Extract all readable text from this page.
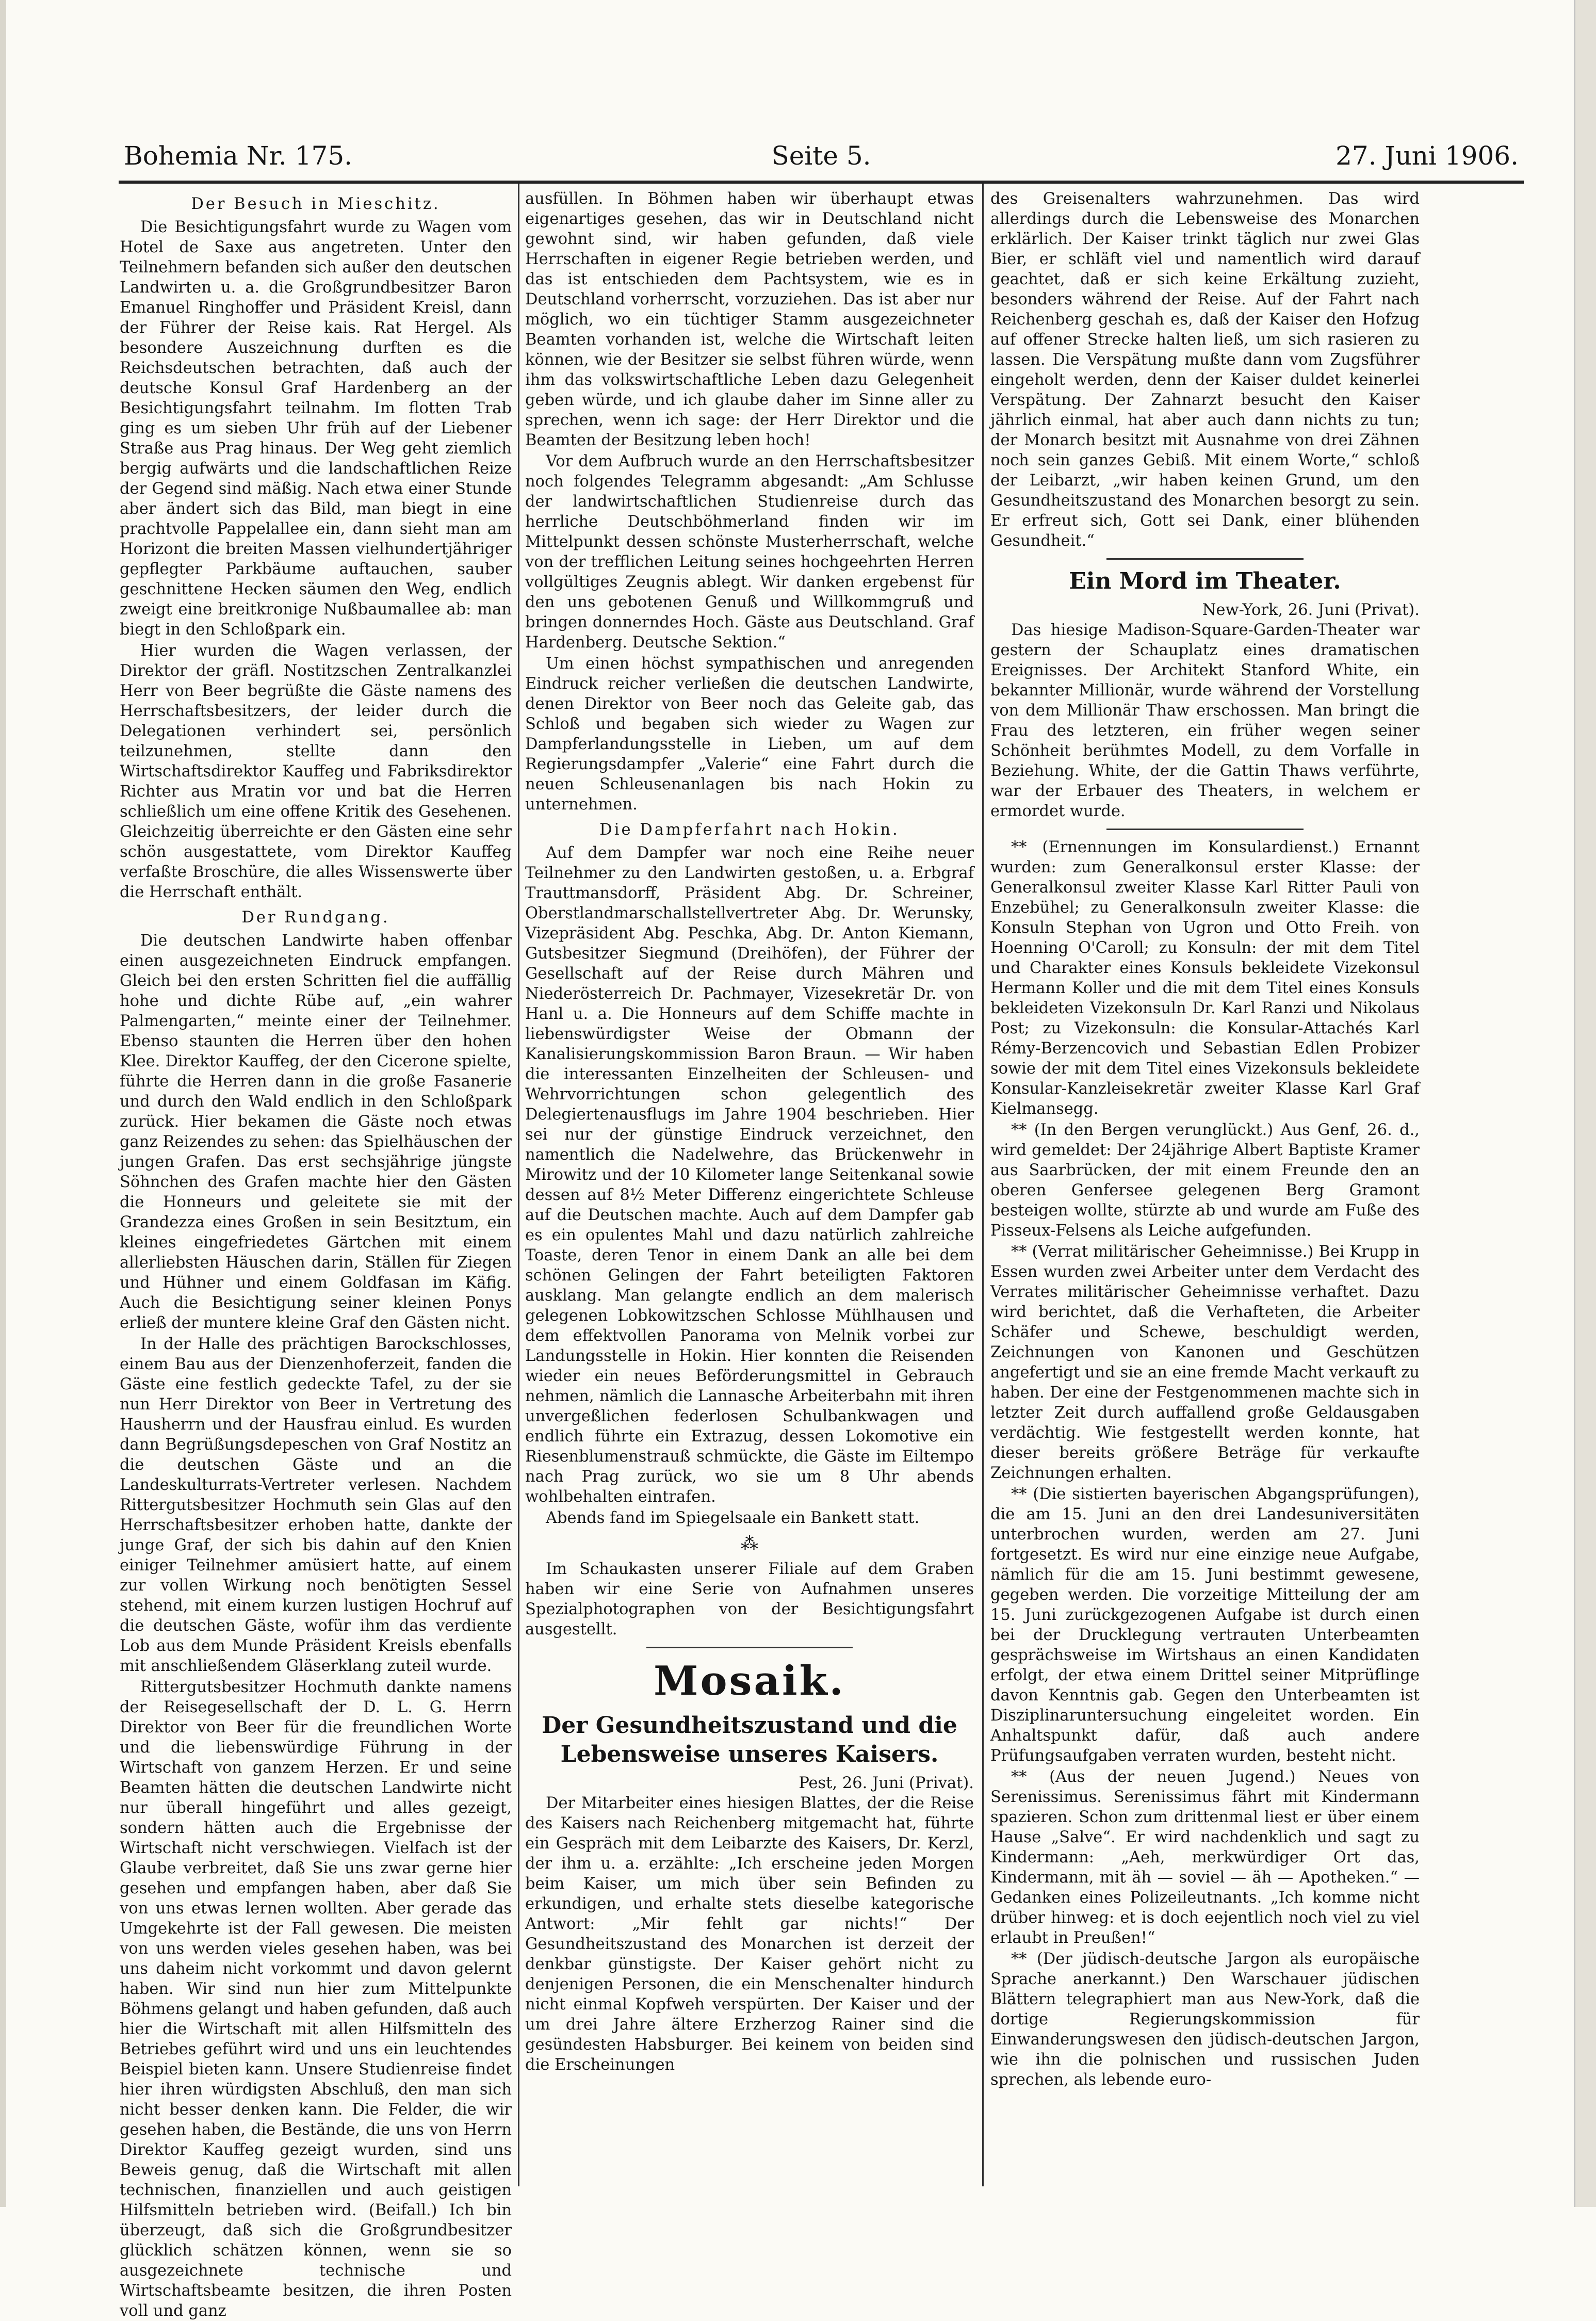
Bohemia Nr. 175.	Seite 5.	27. Juni 1906.

Der Besuch in Mieschitz.

Die Besichtigungsfahrt wurde zu Wagen vom Hotel de Saxe aus angetreten. Unter den Teilnehmern befanden sich außer den deutschen Landwirten u. a. die Großgrundbesitzer Baron Emanuel Ringhoffer und Präsident Kreisl, dann der Führer der Reise kais. Rat Hergel. Als besondere Auszeichnung durften es die Reichsdeutschen betrachten, daß auch der deutsche Konsul Graf Hardenberg an der Besichtigungsfahrt teilnahm. Im flotten Trab ging es um sieben Uhr früh auf der Liebener Straße aus Prag hinaus. Der Weg geht ziemlich bergig aufwärts und die landschaftlichen Reize der Gegend sind mäßig. Nach etwa einer Stunde aber ändert sich das Bild, man biegt in eine prachtvolle Pappelallee ein, dann sieht man am Horizont die breiten Massen vielhundertjähriger gepflegter Parkbäume auftauchen, sauber geschnittene Hecken säumen den Weg, endlich zweigt eine breitkronige Nußbaumallee ab: man biegt in den Schloßpark ein.

Hier wurden die Wagen verlassen, der Direktor der gräfl. Nostitzschen Zentralkanzlei Herr von Beer begrüßte die Gäste namens des Herrschaftsbesitzers, der leider durch die Delegationen verhindert sei, persönlich teilzunehmen, stellte dann den Wirtschaftsdirektor Kauffeg und Fabriksdirektor Richter aus Mratin vor und bat die Herren schließlich um eine offene Kritik des Gesehenen. Gleichzeitig überreichte er den Gästen eine sehr schön ausgestattete, vom Direktor Kauffeg verfaßte Broschüre, die alles Wissenswerte über die Herrschaft enthält.

Der Rundgang.

Die deutschen Landwirte haben offenbar einen ausgezeichneten Eindruck empfangen. Gleich bei den ersten Schritten fiel die auffällig hohe und dichte Rübe auf, „ein wahrer Palmengarten,“ meinte einer der Teilnehmer. Ebenso staunten die Herren über den hohen Klee. Direktor Kauffeg, der den Cicerone spielte, führte die Herren dann in die große Fasanerie und durch den Wald endlich in den Schloßpark zurück. Hier bekamen die Gäste noch etwas ganz Reizendes zu sehen: das Spielhäuschen der jungen Grafen. Das erst sechsjährige jüngste Söhnchen des Grafen machte hier den Gästen die Honneurs und geleitete sie mit der Grandezza eines Großen in sein Besitztum, ein kleines eingefriedetes Gärtchen mit einem allerliebsten Häuschen darin, Ställen für Ziegen und Hühner und einem Goldfasan im Käfig. Auch die Besichtigung seiner kleinen Ponys erließ der muntere kleine Graf den Gästen nicht.

In der Halle des prächtigen Barockschlosses, einem Bau aus der Dienzenhoferzeit, fanden die Gäste eine festlich gedeckte Tafel, zu der sie nun Herr Direktor von Beer in Vertretung des Hausherrn und der Hausfrau einlud. Es wurden dann Begrüßungsdepeschen von Graf Nostitz an die deutschen Gäste und an die Landeskulturrats-Vertreter verlesen. Nachdem Rittergutsbesitzer Hochmuth sein Glas auf den Herrschaftsbesitzer erhoben hatte, dankte der junge Graf, der sich bis dahin auf den Knien einiger Teilnehmer amüsiert hatte, auf einem zur vollen Wirkung noch benötigten Sessel stehend, mit einem kurzen lustigen Hochruf auf die deutschen Gäste, wofür ihm das verdiente Lob aus dem Munde Präsident Kreisls ebenfalls mit anschließendem Gläserklang zuteil wurde.

Rittergutsbesitzer Hochmuth dankte namens der Reisegesellschaft der D. L. G. Herrn Direktor von Beer für die freundlichen Worte und die liebenswürdige Führung in der Wirtschaft von ganzem Herzen. Er und seine Beamten hätten die deutschen Landwirte nicht nur überall hingeführt und alles gezeigt, sondern hätten auch die Ergebnisse der Wirtschaft nicht verschwiegen. Vielfach ist der Glaube verbreitet, daß Sie uns zwar gerne hier gesehen und empfangen haben, aber daß Sie von uns etwas lernen wollten. Aber gerade das Umgekehrte ist der Fall gewesen. Die meisten von uns werden vieles gesehen haben, was bei uns daheim nicht vorkommt und davon gelernt haben. Wir sind nun hier zum Mittelpunkte Böhmens gelangt und haben gefunden, daß auch hier die Wirtschaft mit allen Hilfsmitteln des Betriebes geführt wird und uns ein leuchtendes Beispiel bieten kann. Unsere Studienreise findet hier ihren würdigsten Abschluß, den man sich nicht besser denken kann. Die Felder, die wir gesehen haben, die Bestände, die uns von Herrn Direktor Kauffeg gezeigt wurden, sind uns Beweis genug, daß die Wirtschaft mit allen technischen, finanziellen und auch geistigen Hilfsmitteln betrieben wird. (Beifall.) Ich bin überzeugt, daß sich die Großgrundbesitzer glücklich schätzen können, wenn sie so ausgezeichnete technische und Wirtschaftsbeamte besitzen, die ihren Posten voll und ganz

ausfüllen. In Böhmen haben wir überhaupt etwas eigenartiges gesehen, das wir in Deutschland nicht gewohnt sind, wir haben gefunden, daß viele Herrschaften in eigener Regie betrieben werden, und das ist entschieden dem Pachtsystem, wie es in Deutschland vorherrscht, vorzuziehen. Das ist aber nur möglich, wo ein tüchtiger Stamm ausgezeichneter Beamten vorhanden ist, welche die Wirtschaft leiten können, wie der Besitzer sie selbst führen würde, wenn ihm das volkswirtschaftliche Leben dazu Gelegenheit geben würde, und ich glaube daher im Sinne aller zu sprechen, wenn ich sage: der Herr Direktor und die Beamten der Besitzung leben hoch!

Vor dem Aufbruch wurde an den Herrschaftsbesitzer noch folgendes Telegramm abgesandt: „Am Schlusse der landwirtschaftlichen Studienreise durch das herrliche Deutschböhmerland finden wir im Mittelpunkt dessen schönste Musterherrschaft, welche von der trefflichen Leitung seines hochgeehrten Herren vollgültiges Zeugnis ablegt. Wir danken ergebenst für den uns gebotenen Genuß und Willkommgruß und bringen donnerndes Hoch. Gäste aus Deutschland. Graf Hardenberg. Deutsche Sektion.“

Um einen höchst sympathischen und anregenden Eindruck reicher verließen die deutschen Landwirte, denen Direktor von Beer noch das Geleite gab, das Schloß und begaben sich wieder zu Wagen zur Dampferlandungsstelle in Lieben, um auf dem Regierungsdampfer „Valerie“ eine Fahrt durch die neuen Schleusenanlagen bis nach Hokin zu unternehmen.

Die Dampferfahrt nach Hokin.

Auf dem Dampfer war noch eine Reihe neuer Teilnehmer zu den Landwirten gestoßen, u. a. Erbgraf Trauttmansdorff, Präsident Abg. Dr. Schreiner, Oberstlandmarschallstellvertreter Abg. Dr. Werunsky, Vizepräsident Abg. Peschka, Abg. Dr. Anton Kiemann, Gutsbesitzer Siegmund (Dreihöfen), der Führer der Gesellschaft auf der Reise durch Mähren und Niederösterreich Dr. Pachmayer, Vizesekretär Dr. von Hanl u. a. Die Honneurs auf dem Schiffe machte in liebenswürdigster Weise der Obmann der Kanalisierungskommission Baron Braun. — Wir haben die interessanten Einzelheiten der Schleusen- und Wehrvorrichtungen schon gelegentlich des Delegiertenausflugs im Jahre 1904 beschrieben. Hier sei nur der günstige Eindruck verzeichnet, den namentlich die Nadelwehre, das Brückenwehr in Mirowitz und der 10 Kilometer lange Seitenkanal sowie dessen auf 8½ Meter Differenz eingerichtete Schleuse auf die Deutschen machte. Auch auf dem Dampfer gab es ein opulentes Mahl und dazu natürlich zahlreiche Toaste, deren Tenor in einem Dank an alle bei dem schönen Gelingen der Fahrt beteiligten Faktoren ausklang. Man gelangte endlich an dem malerisch gelegenen Lobkowitzschen Schlosse Mühlhausen und dem effektvollen Panorama von Melnik vorbei zur Landungsstelle in Hokin. Hier konnten die Reisenden wieder ein neues Beförderungsmittel in Gebrauch nehmen, nämlich die Lannasche Arbeiterbahn mit ihren unvergeßlichen federlosen Schulbankwagen und endlich führte ein Extrazug, dessen Lokomotive ein Riesenblumenstrauß schmückte, die Gäste im Eiltempo nach Prag zurück, wo sie um 8 Uhr abends wohlbehalten eintrafen.

Abends fand im Spiegelsaale ein Bankett statt.

⁂

Im Schaukasten unserer Filiale auf dem Graben haben wir eine Serie von Aufnahmen unseres Spezialphotographen von der Besichtigungsfahrt ausgestellt.

Mosaik.

Der Gesundheitszustand und die Lebensweise unseres Kaisers.

Pest, 26. Juni (Privat).

Der Mitarbeiter eines hiesigen Blattes, der die Reise des Kaisers nach Reichenberg mitgemacht hat, führte ein Gespräch mit dem Leibarzte des Kaisers, Dr. Kerzl, der ihm u. a. erzählte: „Ich erscheine jeden Morgen beim Kaiser, um mich über sein Befinden zu erkundigen, und erhalte stets dieselbe kategorische Antwort: „Mir fehlt gar nichts!“ Der Gesundheitszustand des Monarchen ist derzeit der denkbar günstigste. Der Kaiser gehört nicht zu denjenigen Personen, die ein Menschenalter hindurch nicht einmal Kopfweh verspürten. Der Kaiser und der um drei Jahre ältere Erzherzog Rainer sind die gesündesten Habsburger. Bei keinem von beiden sind die Erscheinungen

des Greisenalters wahrzunehmen. Das wird allerdings durch die Lebensweise des Monarchen erklärlich. Der Kaiser trinkt täglich nur zwei Glas Bier, er schläft viel und namentlich wird darauf geachtet, daß er sich keine Erkältung zuzieht, besonders während der Reise. Auf der Fahrt nach Reichenberg geschah es, daß der Kaiser den Hofzug auf offener Strecke halten ließ, um sich rasieren zu lassen. Die Verspätung mußte dann vom Zugsführer eingeholt werden, denn der Kaiser duldet keinerlei Verspätung. Der Zahnarzt besucht den Kaiser jährlich einmal, hat aber auch dann nichts zu tun; der Monarch besitzt mit Ausnahme von drei Zähnen noch sein ganzes Gebiß. Mit einem Worte,“ schloß der Leibarzt, „wir haben keinen Grund, um den Gesundheitszustand des Monarchen besorgt zu sein. Er erfreut sich, Gott sei Dank, einer blühenden Gesundheit.“

Ein Mord im Theater.

New-York, 26. Juni (Privat).

Das hiesige Madison-Square-Garden-Theater war gestern der Schauplatz eines dramatischen Ereignisses. Der Architekt Stanford White, ein bekannter Millionär, wurde während der Vorstellung von dem Millionär Thaw erschossen. Man bringt die Frau des letzteren, ein früher wegen seiner Schönheit berühmtes Modell, zu dem Vorfalle in Beziehung. White, der die Gattin Thaws verführte, war der Erbauer des Theaters, in welchem er ermordet wurde.

** (Ernennungen im Konsulardienst.) Ernannt wurden: zum Generalkonsul erster Klasse: der Generalkonsul zweiter Klasse Karl Ritter Pauli von Enzebühel; zu Generalkonsuln zweiter Klasse: die Konsuln Stephan von Ugron und Otto Freih. von Hoenning O'Caroll; zu Konsuln: der mit dem Titel und Charakter eines Konsuls bekleidete Vizekonsul Hermann Koller und die mit dem Titel eines Konsuls bekleideten Vizekonsuln Dr. Karl Ranzi und Nikolaus Post; zu Vizekonsuln: die Konsular-Attachés Karl Rémy-Berzencovich und Sebastian Edlen Probizer sowie der mit dem Titel eines Vizekonsuls bekleidete Konsular-Kanzleisekretär zweiter Klasse Karl Graf Kielmansegg.

** (In den Bergen verunglückt.) Aus Genf, 26. d., wird gemeldet: Der 24jährige Albert Baptiste Kramer aus Saarbrücken, der mit einem Freunde den an oberen Genfersee gelegenen Berg Gramont besteigen wollte, stürzte ab und wurde am Fuße des Pisseux-Felsens als Leiche aufgefunden.

** (Verrat militärischer Geheimnisse.) Bei Krupp in Essen wurden zwei Arbeiter unter dem Verdacht des Verrates militärischer Geheimnisse verhaftet. Dazu wird berichtet, daß die Verhafteten, die Arbeiter Schäfer und Schewe, beschuldigt werden, Zeichnungen von Kanonen und Geschützen angefertigt und sie an eine fremde Macht verkauft zu haben. Der eine der Festgenommenen machte sich in letzter Zeit durch auffallend große Geldausgaben verdächtig. Wie festgestellt werden konnte, hat dieser bereits größere Beträge für verkaufte Zeichnungen erhalten.

** (Die sistierten bayerischen Abgangsprüfungen), die am 15. Juni an den drei Landesuniversitäten unterbrochen wurden, werden am 27. Juni fortgesetzt. Es wird nur eine einzige neue Aufgabe, nämlich für die am 15. Juni bestimmt gewesene, gegeben werden. Die vorzeitige Mitteilung der am 15. Juni zurückgezogenen Aufgabe ist durch einen bei der Drucklegung vertrauten Unterbeamten gesprächsweise im Wirtshaus an einen Kandidaten erfolgt, der etwa einem Drittel seiner Mitprüflinge davon Kenntnis gab. Gegen den Unterbeamten ist Disziplinaruntersuchung eingeleitet worden. Ein Anhaltspunkt dafür, daß auch andere Prüfungsaufgaben verraten wurden, besteht nicht.

** (Aus der neuen Jugend.) Neues von Serenissimus. Serenissimus fährt mit Kindermann spazieren. Schon zum drittenmal liest er über einem Hause „Salve“. Er wird nachdenklich und sagt zu Kindermann: „Aeh, merkwürdiger Ort das, Kindermann, mit äh — soviel — äh — Apotheken.“ — Gedanken eines Polizeileutnants. „Ich komme nicht drüber hinweg: et is doch eejentlich noch viel zu viel erlaubt in Preußen!“

** (Der jüdisch-deutsche Jargon als europäische Sprache anerkannt.) Den Warschauer jüdischen Blättern telegraphiert man aus New-York, daß die dortige Regierungskommission für Einwanderungswesen den jüdisch-deutschen Jargon, wie ihn die polnischen und russischen Juden sprechen, als lebende euro-
